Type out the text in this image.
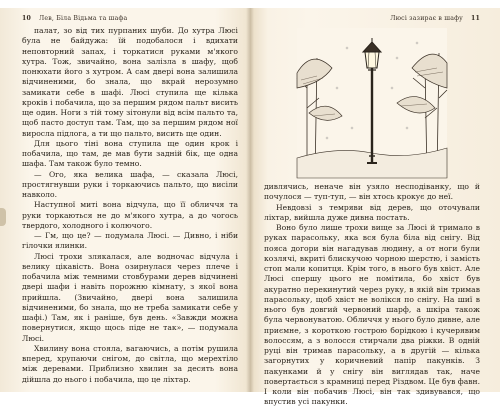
10 Лев, Біла Відьма та шафа

палат, зо від тих пурпаних шуби. До хутра Люсі була не байдужа: їй подобалося і вдихати неповторний запах, і торкатися руками м'якого хутра. Тож, звичайно, вона залізла в шафу, щоб понюхати його з хутром. А сам двері вона залишила відчиненими, бо знала, що вкрай нерозумно замикати себе в шафі. Люсі ступила ще кілька кроків і побачила, що за першим рядом пальт висить ще один. Ноги з тій тому зітонули від всім пальто та, щоб пасто доступ там. Там, що за першим рядом ної виросла підлога, а ти що пальто, висить ще один.

Для цього тіні вона ступила ще один крок і побачила, що там, де мав бути задній бік, ще одна шафа. Там також було темно.

— Ого, яка велика шафа, — сказала Люсі, простягнувши руки і торкаючись пальто, що висіли навколо.

Наступної миті вона відчула, що її обличчя та руки торкаються не до м'якого хутра, а до чогось твердого, холодного і колючого.

— Гм, що це? — подумала Люсі. — Дивно, і ніби гілочки ялинки.

Люсі трохи злякалася, але водночас відчула і велику цікавість. Вона озирнулася через плече і побачила між темними стовбурами дерев відчинені двері шафи і навіть порожню кімнату, з якої вона прийшла. (Звичайно, двері вона залишила відчиненими, бо знала, що не треба замикати себе у шафі.) Там, як і раніше, був день. «Завжди можна повернутися, якщо щось піде не так», — подумала Люсі.

Хвилину вона стояла, вагаючись, а потім рушила вперед, хрупаючи снігом, до світла, що мерехтіло між деревами. Приблизно хвилин за десять вона дійшла до нього і побачила, що це ліхтар.

Люсі зазирає в шафу 11

дивлячись, неначе він узяло несподіванку, що й почулося — туп-туп, — він хтось крокує до неї.

Невдовзі з темряви від дерев, що оточували ліхтар, вийшла дуже дивна постать.

Воно було лише трохи вище за Люсі й тримало в руках парасольку, яка вся була біла від снігу. Від пояса догори він нагадував людину, а от ноги були козлячі, вкриті блискучою чорною шерстю, і замість стоп мали копитця. Крім того, в нього був хвіст. Але Люсі спершу цього не помітила, бо хвіст був акуратно перекинутий через руку, в якій він тримав парасольку, щоб хвіст не волікся по снігу. На шиї в нього був довгий червоний шарф, а шкіра також була червонуватою. Обличчя у нього було дивне, але приємне, з короткою гострою борідкою і кучерявим волоссям, а з волосся стирчали два ріжки. В одній руці він тримав парасольку, а в другій — кілька загорнутих у коричневий папір пакунків. З пакунками й у снігу він виглядав так, наче повертається з крамниці перед Різдвом. Це був фавн. І коли він побачив Люсі, він так здивувався, що впустив усі пакунки.
